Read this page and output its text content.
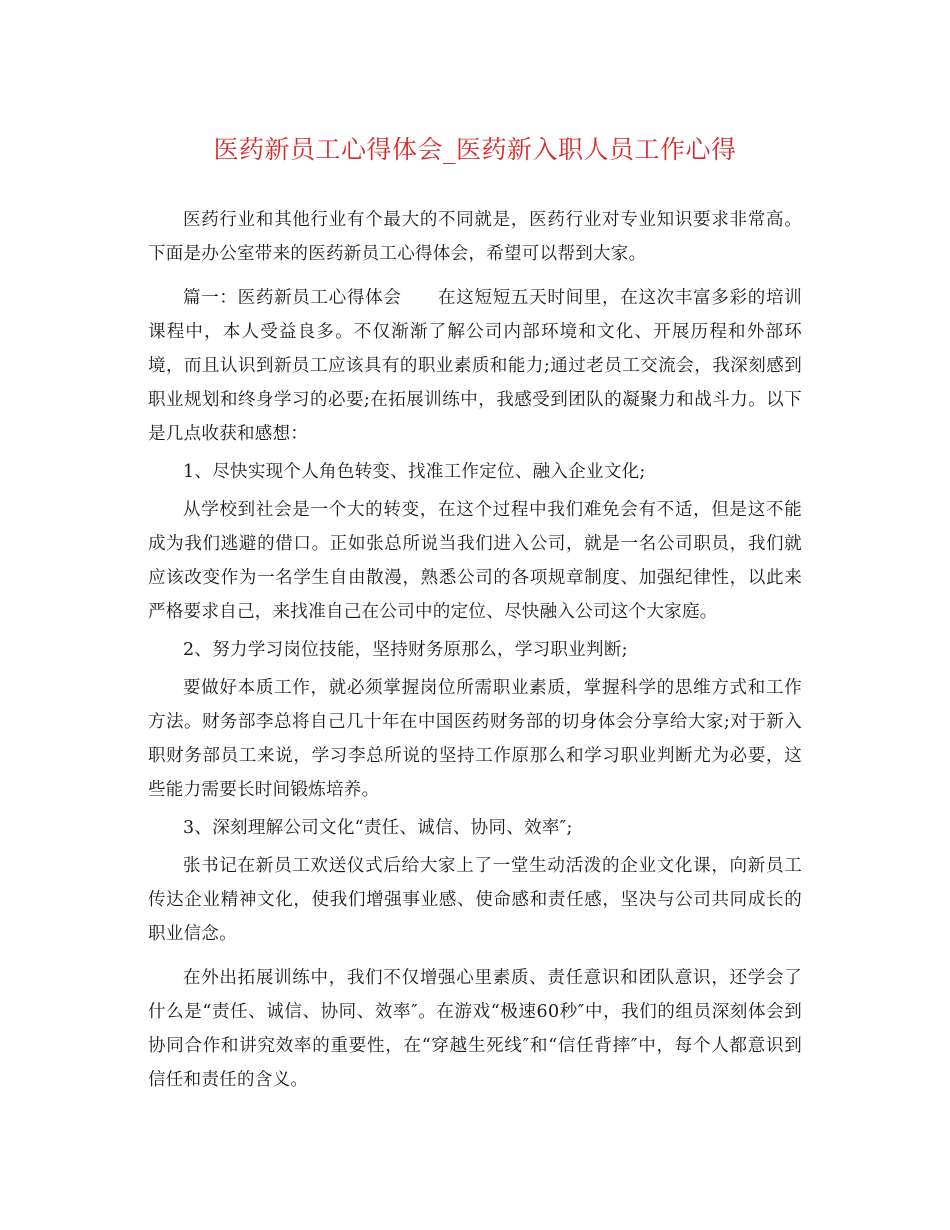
医药新员工心得体会_医药新入职人员工作心得

医药行业和其他行业有个最大的不同就是，医药行业对专业知识要求非常高。下面是办公室带来的医药新员工心得体会，希望可以帮到大家。

篇一：医药新员工心得体会　　在这短短五天时间里，在这次丰富多彩的培训课程中，本人受益良多。不仅渐渐了解公司内部环境和文化、开展历程和外部环境，而且认识到新员工应该具有的职业素质和能力;通过老员工交流会，我深刻感到职业规划和终身学习的必要;在拓展训练中，我感受到团队的凝聚力和战斗力。以下是几点收获和感想：

1、尽快实现个人角色转变、找准工作定位、融入企业文化;

从学校到社会是一个大的转变，在这个过程中我们难免会有不适，但是这不能成为我们逃避的借口。正如张总所说当我们进入公司，就是一名公司职员，我们就应该改变作为一名学生自由散漫，熟悉公司的各项规章制度、加强纪律性，以此来严格要求自己，来找准自己在公司中的定位、尽快融入公司这个大家庭。

2、努力学习岗位技能，坚持财务原那么，学习职业判断;

要做好本质工作，就必须掌握岗位所需职业素质，掌握科学的思维方式和工作方法。财务部李总将自己几十年在中国医药财务部的切身体会分享给大家;对于新入职财务部员工来说，学习李总所说的坚持工作原那么和学习职业判断尤为必要，这些能力需要长时间锻炼培养。

3、深刻理解公司文化“责任、诚信、协同、效率″;

张书记在新员工欢送仪式后给大家上了一堂生动活泼的企业文化课，向新员工传达企业精神文化，使我们增强事业感、使命感和责任感，坚决与公司共同成长的职业信念。

在外出拓展训练中，我们不仅增强心里素质、责任意识和团队意识，还学会了什么是“责任、诚信、协同、效率″。在游戏“极速60秒″中，我们的组员深刻体会到协同合作和讲究效率的重要性，在“穿越生死线″和“信任背摔″中，每个人都意识到信任和责任的含义。
